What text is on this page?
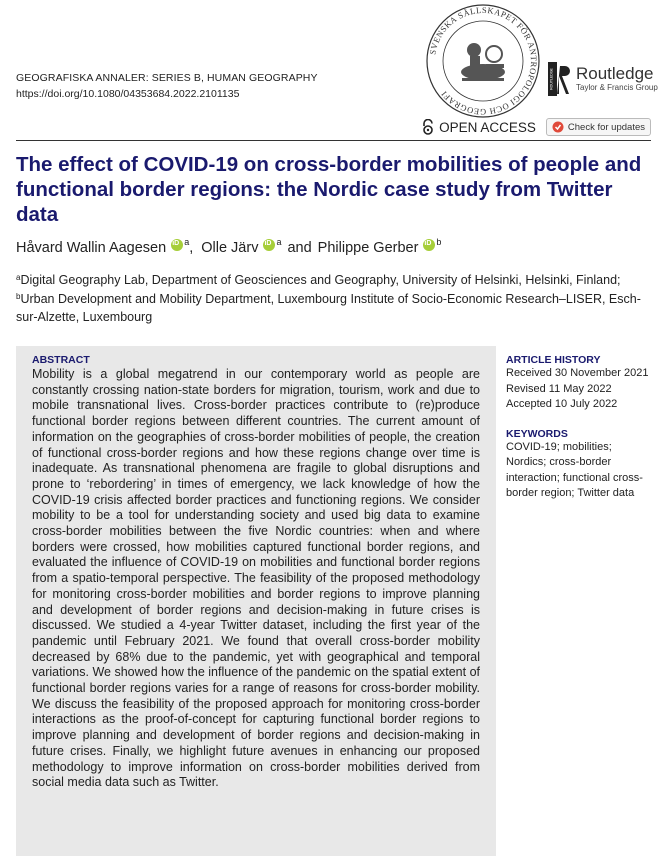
GEOGRAFISKA ANNALER: SERIES B, HUMAN GEOGRAPHY
https://doi.org/10.1080/04353684.2022.2101135
SVENSKA SÄLLSKAPET FÖR ANTROPOLOGI OCH GEOGRAFI
ROUTLEDGE Routledge
Taylor & Francis Group
OPEN ACCESS	Check for updates
The effect of COVID-19 on cross-border mobilities of people and functional border regions: the Nordic case study from Twitter data
Håvard Wallin Aagesen iD a , Olle Järv iD a and Philippe Gerber iD b
$^a$Digital Geography Lab, Department of Geosciences and Geography, University of Helsinki, Helsinki, Finland;
$^b$Urban Development and Mobility Department, Luxembourg Institute of Socio-Economic Research–LISER, Esch-sur-Alzette, Luxembourg
ABSTRACT

Mobility is a global megatrend in our contemporary world as people are constantly crossing nation-state borders for migration, tourism, work and due to mobile transnational lives. Cross-border practices contribute to (re)produce functional border regions between different countries. The current amount of information on the geographies of cross-border mobilities of people, the creation of functional cross-border regions and how these regions change over time is inadequate. As transnational phenomena are fragile to global disruptions and prone to ‘rebordering’ in times of emergency, we lack knowledge of how the COVID-19 crisis affected border practices and functioning regions. We consider mobility to be a tool for understanding society and used big data to examine cross-border mobilities between the five Nordic countries: when and where borders were crossed, how mobilities captured functional border regions, and evaluated the influence of COVID-19 on mobilities and functional border regions from a spatio-temporal perspective. The feasibility of the proposed methodology for monitoring cross-border mobilities and border regions to improve planning and development of border regions and decision-making in future crises is discussed. We studied a 4-year Twitter dataset, including the first year of the pandemic until February 2021. We found that overall cross-border mobility decreased by 68% due to the pandemic, yet with geographical and temporal variations. We showed how the influence of the pandemic on the spatial extent of functional border regions varies for a range of reasons for cross-border mobility. We discuss the feasibility of the proposed approach for monitoring cross-border interactions as the proof-of-concept for capturing functional border regions to improve planning and development of border regions and decision-making in future crises. Finally, we highlight future avenues in enhancing our proposed methodology to improve information on cross-border mobilities derived from social media data such as Twitter.

ARTICLE HISTORY
Received 30 November 2021
Revised 11 May 2022
Accepted 10 July 2022
KEYWORDS
COVID-19; mobilities; Nordics; cross-border interaction; functional cross-border region; Twitter data
